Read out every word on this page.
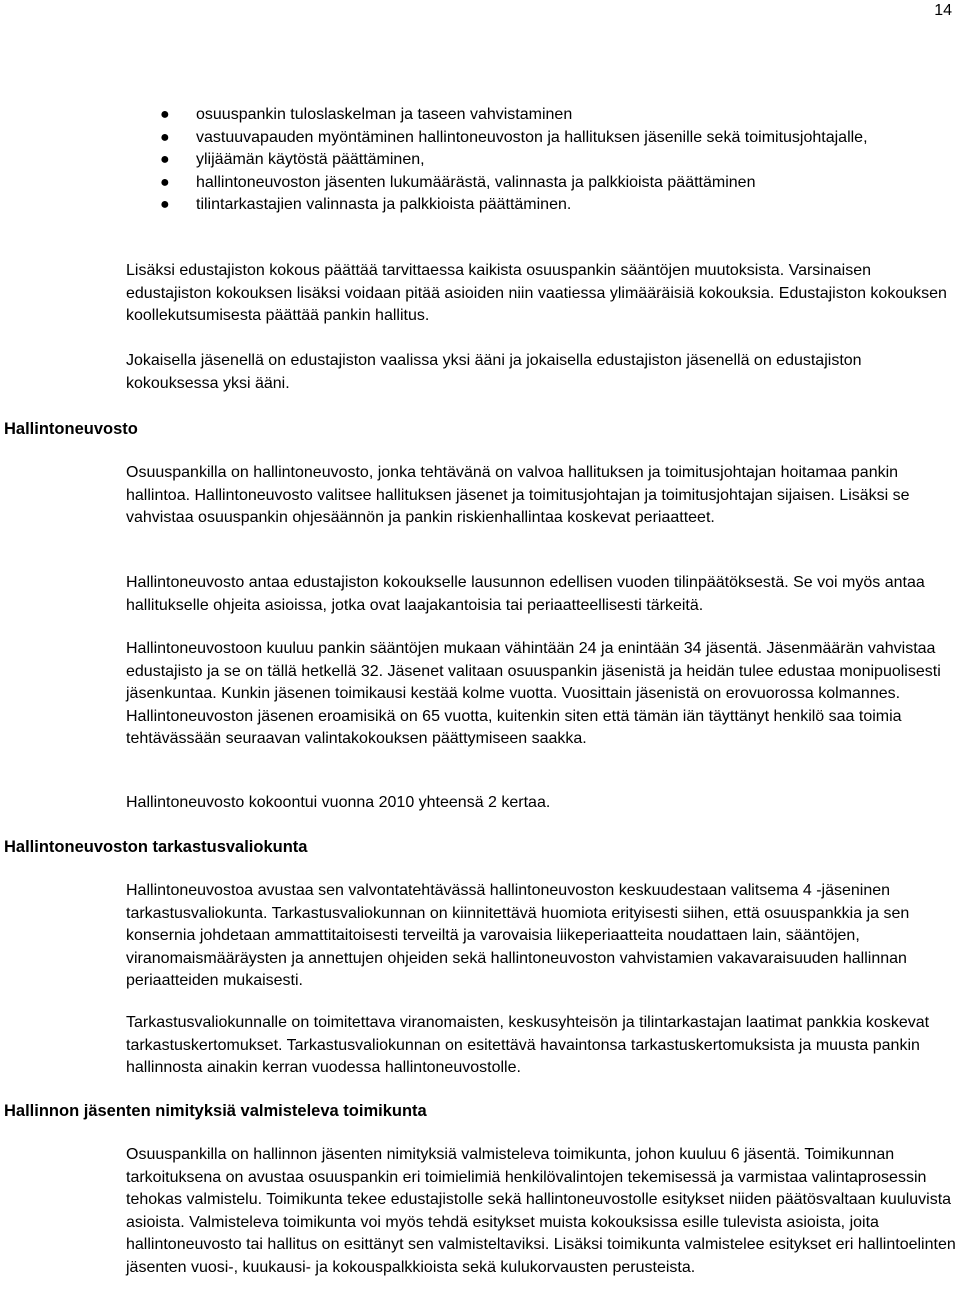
14
● osuuspankin tuloslaskelman ja taseen vahvistaminen
● vastuuvapauden myöntäminen hallintoneuvoston ja hallituksen jäsenille sekä toimitusjohtajalle,
● ylijäämän käytöstä päättäminen,
● hallintoneuvoston jäsenten lukumäärästä, valinnasta ja palkkioista päättäminen
● tilintarkastajien valinnasta ja palkkioista päättäminen.

Lisäksi edustajiston kokous päättää tarvittaessa kaikista osuuspankin sääntöjen muutoksista. Varsinaisen edustajiston kokouksen lisäksi voidaan pitää asioiden niin vaatiessa ylimääräisiä kokouksia. Edustajiston kokouksen koollekutsumisesta päättää pankin hallitus.

Jokaisella jäsenellä on edustajiston vaalissa yksi ääni ja jokaisella edustajiston jäsenellä on edustajiston kokouksessa yksi ääni.

Hallintoneuvosto

Osuuspankilla on hallintoneuvosto, jonka tehtävänä on valvoa hallituksen ja toimitusjohtajan hoitamaa pankin hallintoa. Hallintoneuvosto valitsee hallituksen jäsenet ja toimitusjohtajan ja toimitusjohtajan sijaisen. Lisäksi se vahvistaa osuuspankin ohjesäännön ja pankin riskienhallintaa koskevat periaatteet.

Hallintoneuvosto antaa edustajiston kokoukselle lausunnon edellisen vuoden tilinpäätöksestä. Se voi myös antaa hallitukselle ohjeita asioissa, jotka ovat laajakantoisia tai periaatteellisesti tärkeitä.

Hallintoneuvostoon kuuluu pankin sääntöjen mukaan vähintään 24 ja enintään 34 jäsentä. Jäsenmäärän vahvistaa edustajisto ja se on tällä hetkellä 32. Jäsenet valitaan osuuspankin jäsenistä ja heidän tulee edustaa monipuolisesti jäsenkuntaa. Kunkin jäsenen toimikausi kestää kolme vuotta. Vuosittain jäsenistä on erovuorossa kolmannes. Hallintoneuvoston jäsenen eroamisikä on 65 vuotta, kuitenkin siten että tämän iän täyttänyt henkilö saa toimia tehtävässään seuraavan valintakokouksen päättymiseen saakka.

Hallintoneuvosto kokoontui vuonna 2010 yhteensä 2 kertaa.

Hallintoneuvoston tarkastusvaliokunta

Hallintoneuvostoa avustaa sen valvontatehtävässä hallintoneuvoston keskuudestaan valitsema 4 -jäseninen tarkastusvaliokunta. Tarkastusvaliokunnan on kiinnitettävä huomiota erityisesti siihen, että osuuspankkia ja sen konsernia johdetaan ammattitaitoisesti terveiltä ja varovaisia liikeperiaatteita noudattaen lain, sääntöjen, viranomaismääräysten ja annettujen ohjeiden sekä hallintoneuvoston vahvistamien vakavaraisuuden hallinnan periaatteiden mukaisesti.

Tarkastusvaliokunnalle on toimitettava viranomaisten, keskusyhteisön ja tilintarkastajan laatimat pankkia koskevat tarkastuskertomukset. Tarkastusvaliokunnan on esitettävä havaintonsa tarkastuskertomuksista ja muusta pankin hallinnosta ainakin kerran vuodessa hallintoneuvostolle.

Hallinnon jäsenten nimityksiä valmisteleva toimikunta

Osuuspankilla on hallinnon jäsenten nimityksiä valmisteleva toimikunta, johon kuuluu 6 jäsentä. Toimikunnan tarkoituksena on avustaa osuuspankin eri toimielimiä henkilövalintojen tekemisessä ja varmistaa valintaprosessin tehokas valmistelu. Toimikunta tekee edustajistolle sekä hallintoneuvostolle esitykset niiden päätösvaltaan kuuluvista asioista. Valmisteleva toimikunta voi myös tehdä esitykset muista kokouksissa esille tulevista asioista, joita hallintoneuvosto tai hallitus on esittänyt sen valmisteltaviksi. Lisäksi toimikunta valmistelee esitykset eri hallintoelinten jäsenten vuosi-, kuukausi- ja kokouspalkkioista sekä kulukorvausten perusteista.
